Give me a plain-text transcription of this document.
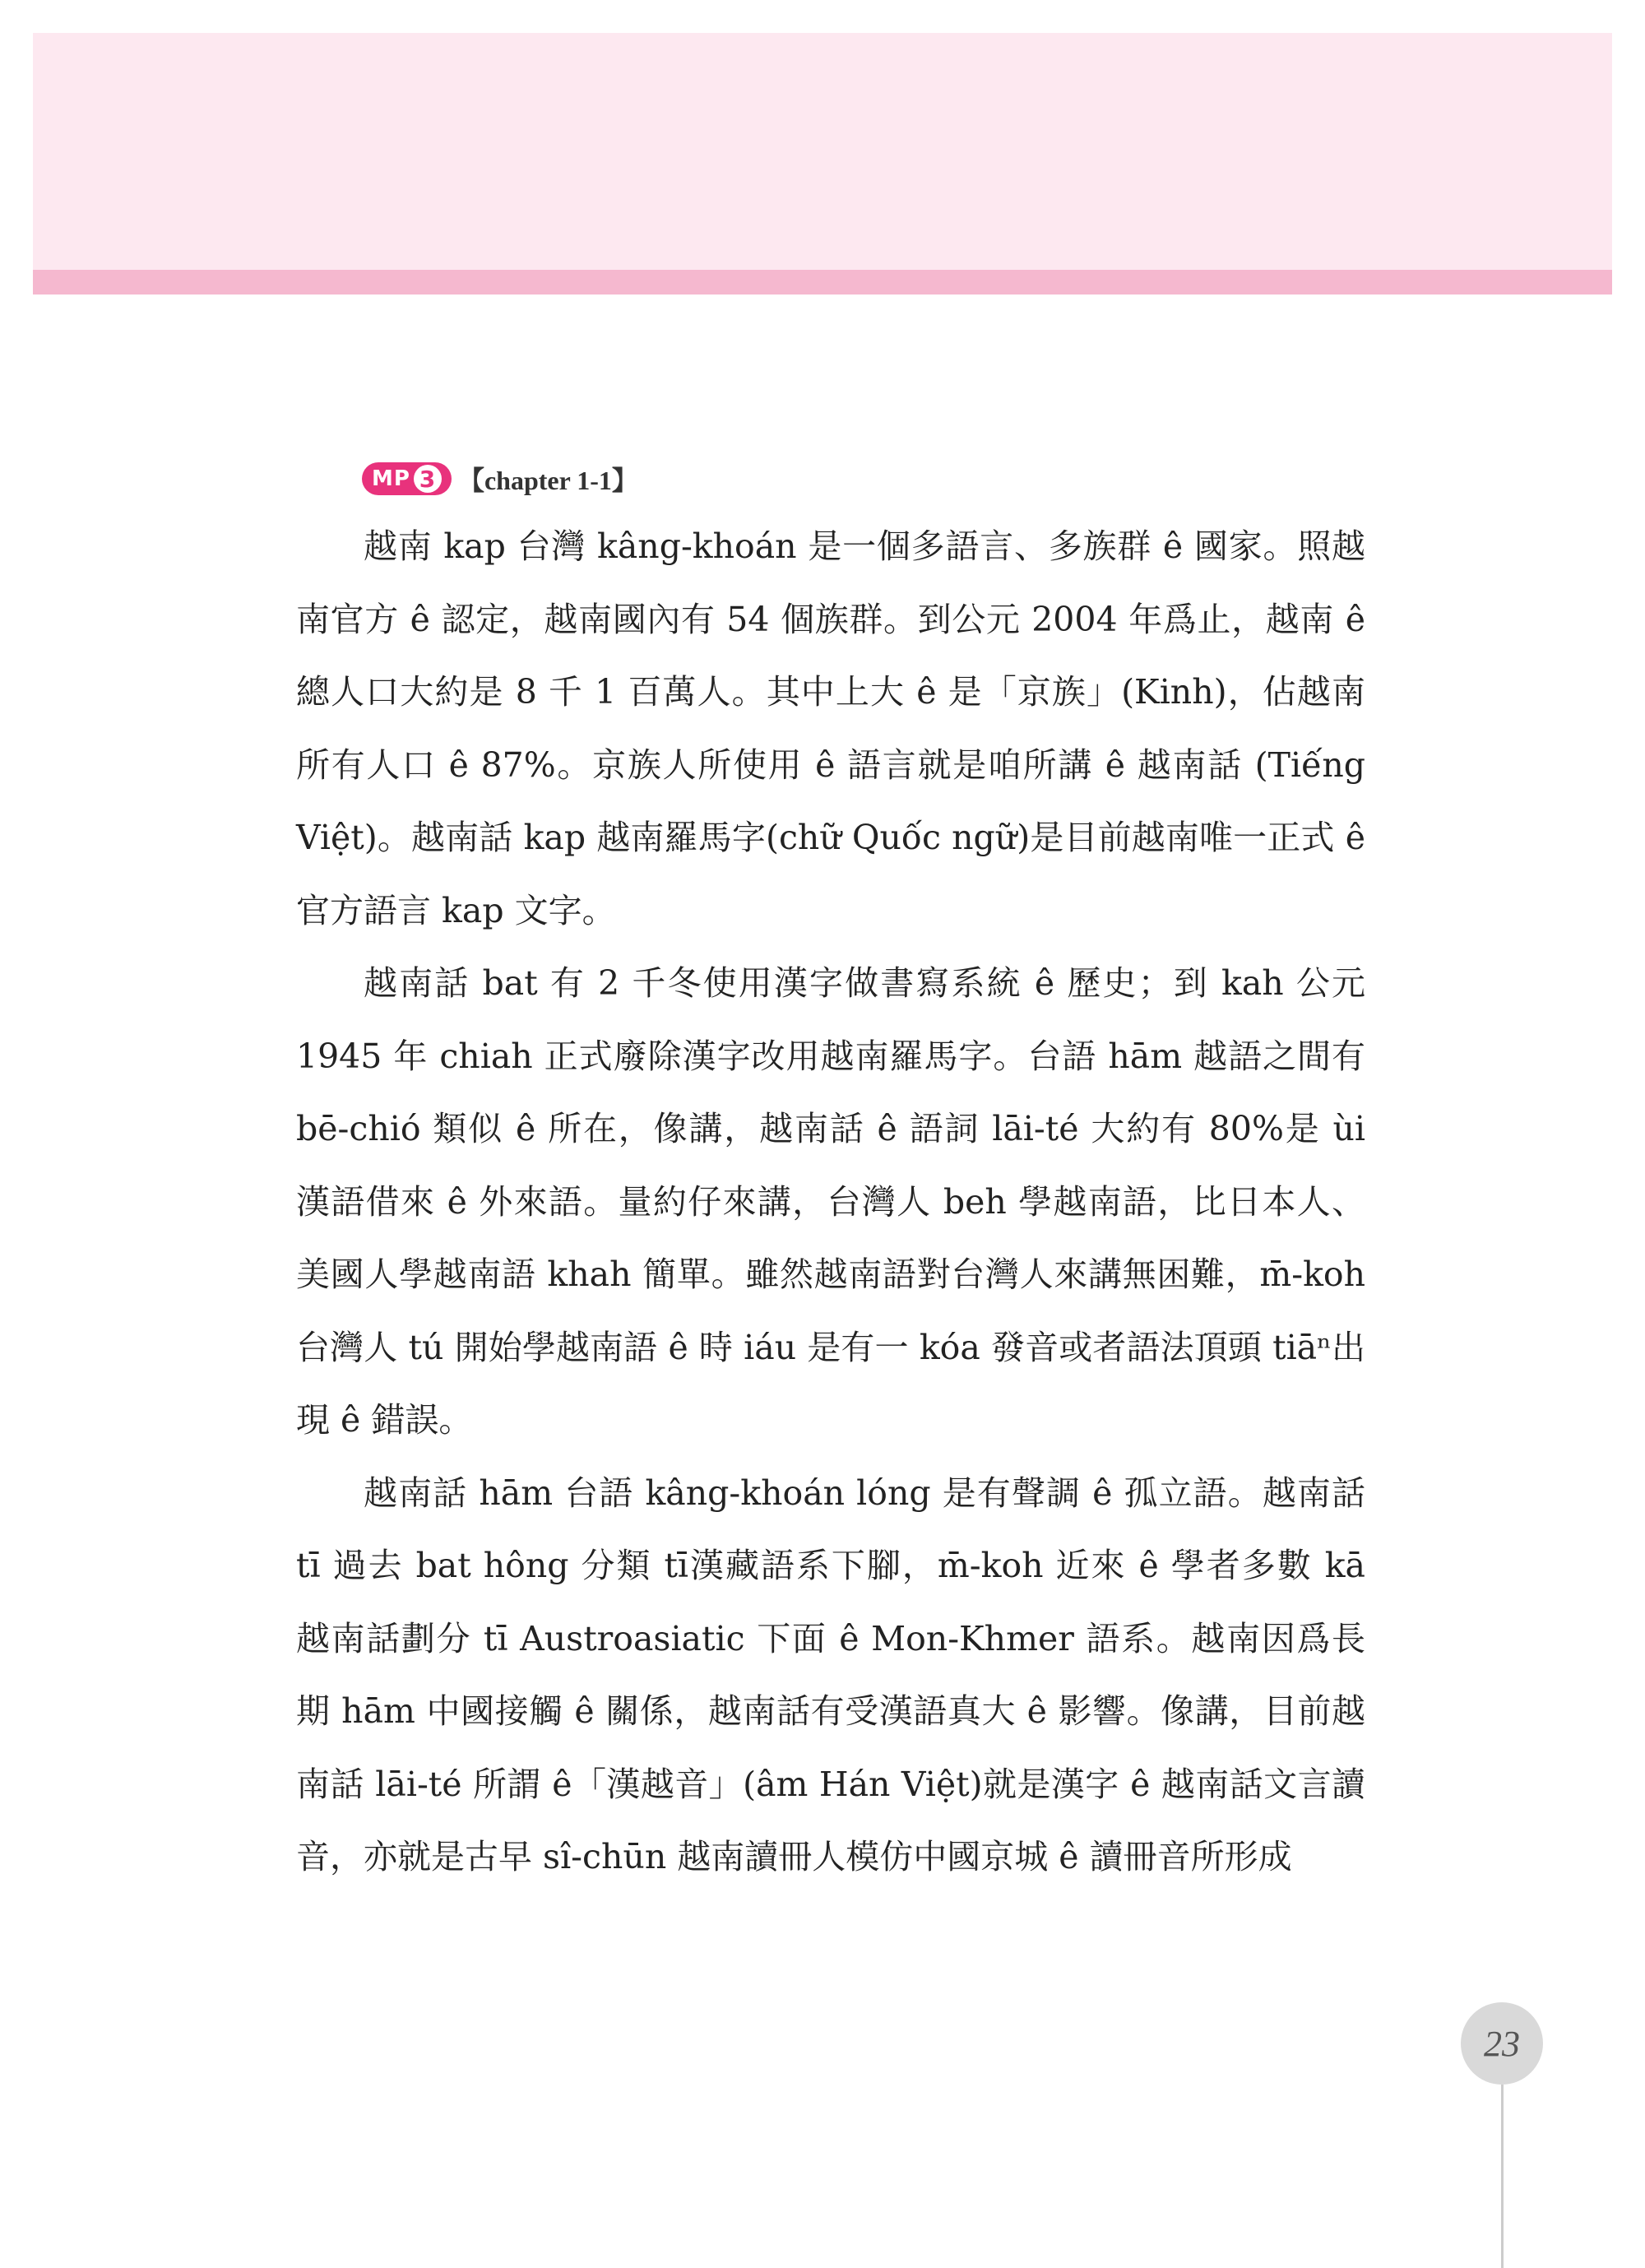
MP 3 【chapter 1-1】

越南 kap 台灣 kâng-khoán 是一個多語言、多族群 ê 國家。照越南官方 ê 認定，越南國內有 54 個族群。到公元 2004 年爲止，越南 ê 總人口大約是 8 千 1 百萬人。其中上大 ê 是「京族」(Kinh)，佔越南所有人口 ê 87%。京族人所使用 ê 語言就是咱所講 ê 越南話 (Tiếng Việt)。越南話 kap 越南羅馬字(chữ Quốc ngữ)是目前越南唯一正式 ê 官方語言 kap 文字。

越南話 bat 有 2 千冬使用漢字做書寫系統 ê 歷史；到 kah 公元 1945 年 chiah 正式廢除漢字改用越南羅馬字。台語 hām 越語之間有 bē-chió 類似 ê 所在，像講，越南話 ê 語詞 lāi-té 大約有 80%是 ùi 漢語借來 ê 外來語。量約仔來講，台灣人 beh 學越南語，比日本人、美國人學越南語 khah 簡單。雖然越南語對台灣人來講無困難，m̄-koh 台灣人 tú 開始學越南語 ê 時 iáu 是有一 kóa 發音或者語法頂頭 tiāⁿ出現 ê 錯誤。

越南話 hām 台語 kâng-khoán lóng 是有聲調 ê 孤立語。越南話 tī 過去 bat hông 分類 tī漢藏語系下腳，m̄-koh 近來 ê 學者多數 kā 越南話劃分 tī Austroasiatic 下面 ê Mon-Khmer 語系。越南因爲長期 hām 中國接觸 ê 關係，越南話有受漢語真大 ê 影響。像講，目前越南話 lāi-té 所謂 ê「漢越音」(âm Hán Việt)就是漢字 ê 越南話文言讀音，亦就是古早 sî-chūn 越南讀冊人模仿中國京城 ê 讀冊音所形成

23
